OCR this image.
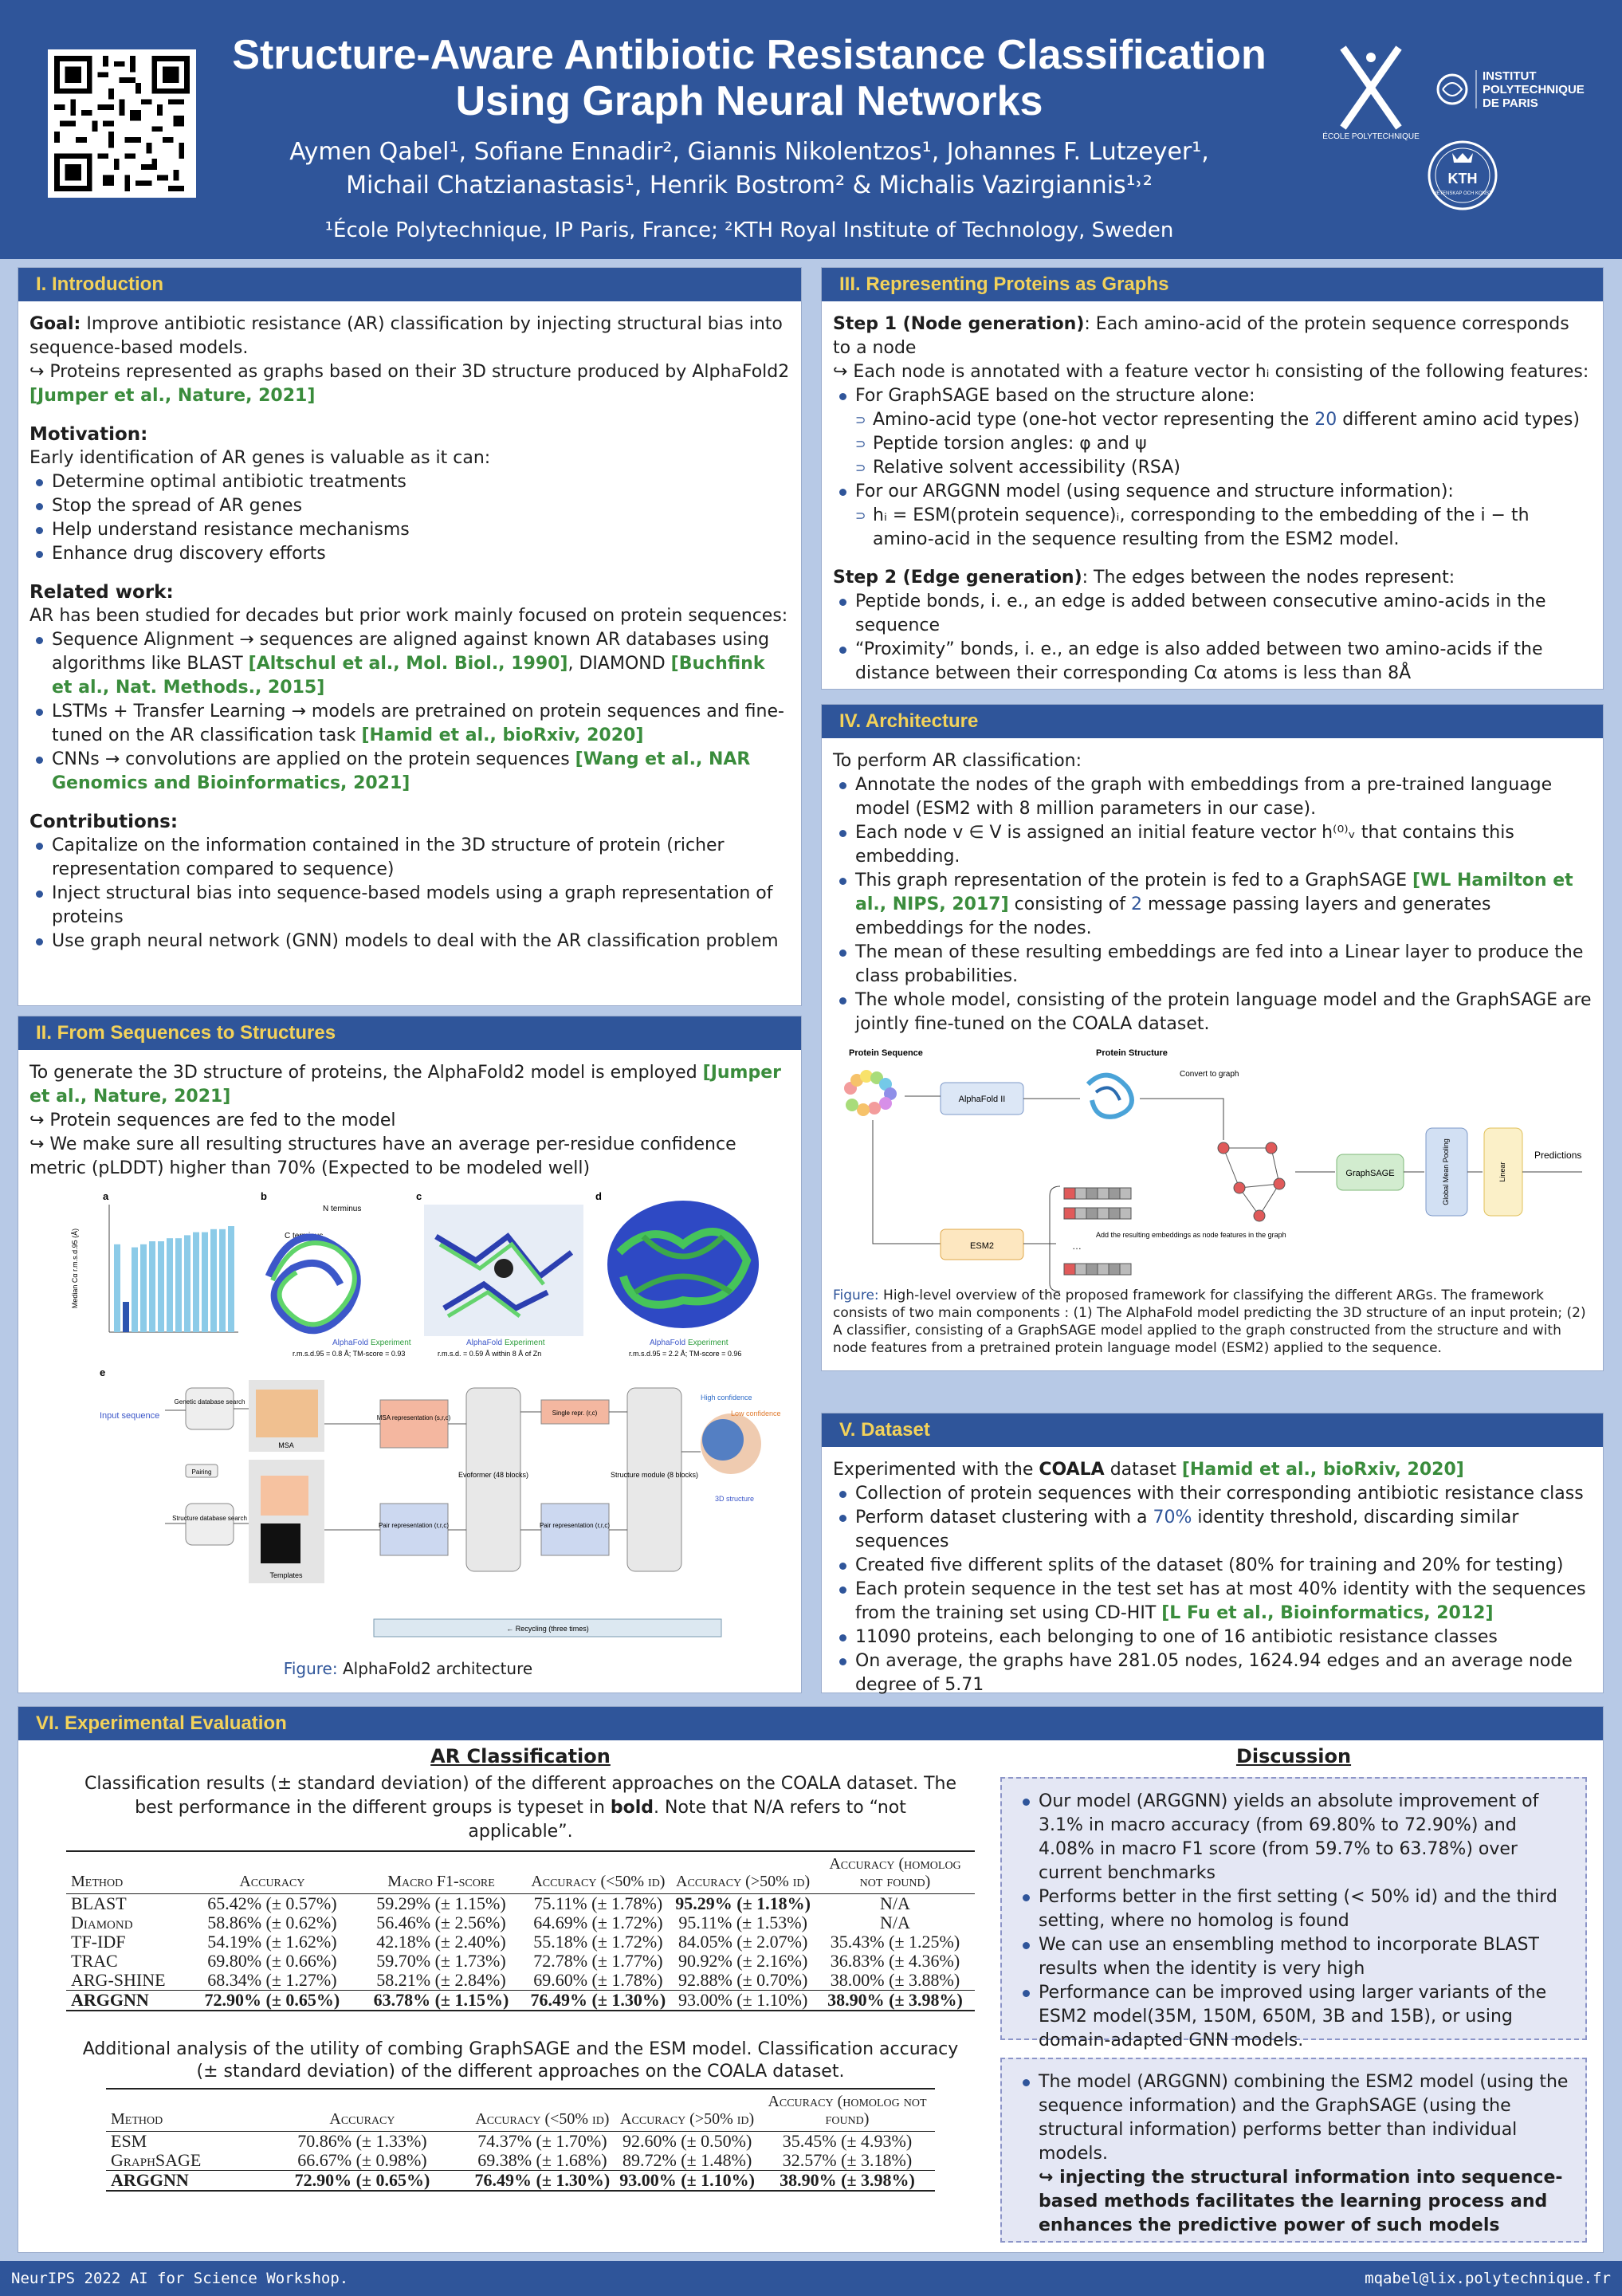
Structure-Aware Antibiotic Resistance Classification
Using Graph Neural Networks
Aymen Qabel¹, Sofiane Ennadir², Giannis Nikolentzos¹, Johannes F. Lutzeyer¹,
Michail Chatzianastasis¹, Henrik Bostrom² & Michalis Vazirgiannis¹˒²
¹École Polytechnique, IP Paris, France; ²KTH Royal Institute of Technology, Sweden
ÉCOLE POLYTECHNIQUE
INSTITUT
POLYTECHNIQUE
DE PARIS
KTH
VETENSKAP OCH KONST
I. Introduction

Goal: Improve antibiotic resistance (AR) classification by injecting structural bias into sequence-based models.

↪ Proteins represented as graphs based on their 3D structure produced by AlphaFold2

[Jumper et al., Nature, 2021]

Motivation:

Early identification of AR genes is valuable as it can:

Determine optimal antibiotic treatments
Stop the spread of AR genes
Help understand resistance mechanisms
Enhance drug discovery efforts
Related work:

AR has been studied for decades but prior work mainly focused on protein sequences:

Sequence Alignment → sequences are aligned against known AR databases using algorithms like BLAST [Altschul et al., Mol. Biol., 1990], DIAMOND [Buchfink et al., Nat. Methods., 2015]
LSTMs + Transfer Learning → models are pretrained on protein sequences and fine-tuned on the AR classification task [Hamid et al., bioRxiv, 2020]
CNNs → convolutions are applied on the protein sequences [Wang et al., NAR Genomics and Bioinformatics, 2021]
Contributions:
Capitalize on the information contained in the 3D structure of protein (richer representation compared to sequence)
Inject structural bias into sequence-based models using a graph representation of proteins
Use graph neural network (GNN) models to deal with the AR classification problem
II. From Sequences to Structures

To generate the 3D structure of proteins, the AlphaFold2 model is employed [Jumper et al., Nature, 2021]

↪ Protein sequences are fed to the model

↪ We make sure all resulting structures have an average per-residue confidence metric (pLDDT) higher than 70% (Expected to be modeled well)

a
Median Cα r.m.s.d.95 (Å)
b
N terminus
C terminus
AlphaFold Experiment
r.m.s.d.95 = 0.8 Å; TM-score = 0.93
c
AlphaFold Experiment
r.m.s.d. = 0.59 Å within 8 Å of Zn
d
AlphaFold Experiment
r.m.s.d.95 = 2.2 Å; TM-score = 0.96
e
Input sequence
Genetic database search
Structure database search
Pairing
MSA
Templates
MSA representation (s,r,c)
Pair representation (r,r,c)
Evoformer (48 blocks)
Single repr. (r,c)
Pair representation (r,r,c)
Structure module (8 blocks)
High confidence
Low confidence
3D structure
← Recycling (three times)
Figure: AlphaFold2 architecture
III. Representing Proteins as Graphs

Step 1 (Node generation): Each amino-acid of the protein sequence corresponds to a node

↪ Each node is annotated with a feature vector hᵢ consisting of the following features:

For GraphSAGE based on the structure alone:
⊃ Amino-acid type (one-hot vector representing the 20 different amino acid types)
⊃ Peptide torsion angles: φ and ψ
⊃ Relative solvent accessibility (RSA)
For our ARGGNN model (using sequence and structure information):
⊃ hᵢ = ESM(protein sequence)ᵢ, corresponding to the embedding of the i − th amino-acid in the sequence resulting from the ESM2 model.

Step 2 (Edge generation): The edges between the nodes represent:

Peptide bonds, i. e., an edge is added between consecutive amino-acids in the sequence
“Proximity” bonds, i. e., an edge is also added between two amino-acids if the distance between their corresponding Cα atoms is less than 8Å
IV. Architecture

To perform AR classification:

Annotate the nodes of the graph with embeddings from a pre-trained language model (ESM2 with 8 million parameters in our case).
Each node v ∈ V is assigned an initial feature vector h⁽⁰⁾ᵥ that contains this embedding.
This graph representation of the protein is fed to a GraphSAGE [WL Hamilton et al., NIPS, 2017] consisting of 2 message passing layers and generates embeddings for the nodes.
The mean of these resulting embeddings are fed into a Linear layer to produce the class probabilities.
The whole model, consisting of the protein language model and the GraphSAGE are jointly fine-tuned on the COALA dataset.
Protein Sequence	Protein Structure
AlphaFold II
Convert to graph
ESM2	…
Add the resulting embeddings as node features in the graph
GraphSAGE	Global Mean Pooling	Linear
Predictions
Figure: High-level overview of the proposed framework for classifying the different ARGs. The framework consists of two main components : (1) The AlphaFold model predicting the 3D structure of an input protein; (2) A classifier, consisting of a GraphSAGE model applied to the graph constructed from the structure and with node features from a pretrained protein language model (ESM2) applied to the sequence.
V. Dataset

Experimented with the COALA dataset [Hamid et al., bioRxiv, 2020]

Collection of protein sequences with their corresponding antibiotic resistance class
Perform dataset clustering with a 70% identity threshold, discarding similar sequences
Created five different splits of the dataset (80% for training and 20% for testing)
Each protein sequence in the test set has at most 40% identity with the sequences from the training set using CD-HIT [L Fu et al., Bioinformatics, 2012]
11090 proteins, each belonging to one of 16 antibiotic resistance classes
On average, the graphs have 281.05 nodes, 1624.94 edges and an average node degree of 5.71
VI. Experimental Evaluation
AR Classification
Classification results (± standard deviation) of the different approaches on the COALA dataset. The best performance in the different groups is typeset in bold. Note that N/A refers to “not applicable”.
Method	Accuracy	Macro F1-score	Accuracy (<50% id)	Accuracy (>50% id)	Accuracy (homolog not found)
BLAST	65.42% (± 0.57%)	59.29% (± 1.15%)	75.11% (± 1.78%)	95.29% (± 1.18%)	N/A
Diamond	58.86% (± 0.62%)	56.46% (± 2.56%)	64.69% (± 1.72%)	95.11% (± 1.53%)	N/A
TF-IDF	54.19% (± 1.62%)	42.18% (± 2.40%)	55.18% (± 1.72%)	84.05% (± 2.07%)	35.43% (± 1.25%)
TRAC	69.80% (± 0.66%)	59.70% (± 1.73%)	72.78% (± 1.77%)	90.92% (± 2.16%)	36.83% (± 4.36%)
ARG-SHINE	68.34% (± 1.27%)	58.21% (± 2.84%)	69.60% (± 1.78%)	92.88% (± 0.70%)	38.00% (± 3.88%)
ARGGNN	72.90% (± 0.65%)	63.78% (± 1.15%)	76.49% (± 1.30%)	93.00% (± 1.10%)	38.90% (± 3.98%)
Additional analysis of the utility of combing GraphSAGE and the ESM model. Classification accuracy (± standard deviation) of the different approaches on the COALA dataset.
Method	Accuracy	Accuracy (<50% id)	Accuracy (>50% id)	Accuracy (homolog not found)
ESM	70.86% (± 1.33%)	74.37% (± 1.70%)	92.60% (± 0.50%)	35.45% (± 4.93%)
GraphSAGE	66.67% (± 0.98%)	69.38% (± 1.68%)	89.72% (± 1.48%)	32.57% (± 3.18%)
ARGGNN	72.90% (± 0.65%)	76.49% (± 1.30%)	93.00% (± 1.10%)	38.90% (± 3.98%)
Discussion
Our model (ARGGNN) yields an absolute improvement of 3.1% in macro accuracy (from 69.80% to 72.90%) and 4.08% in macro F1 score (from 59.7% to 63.78%) over current benchmarks
Performs better in the first setting (< 50% id) and the third setting, where no homolog is found
We can use an ensembling method to incorporate BLAST results when the identity is very high
Performance can be improved using larger variants of the ESM2 model(35M, 150M, 650M, 3B and 15B), or using domain-adapted GNN models.
The model (ARGGNN) combining the ESM2 model (using the sequence information) and the GraphSAGE (using the structural information) performs better than individual models.

↪ injecting the structural information into sequence-based methods facilitates the learning process and enhances the predictive power of such models

NeurIPS 2022 AI for Science Workshop.	mqabel@lix.polytechnique.fr
